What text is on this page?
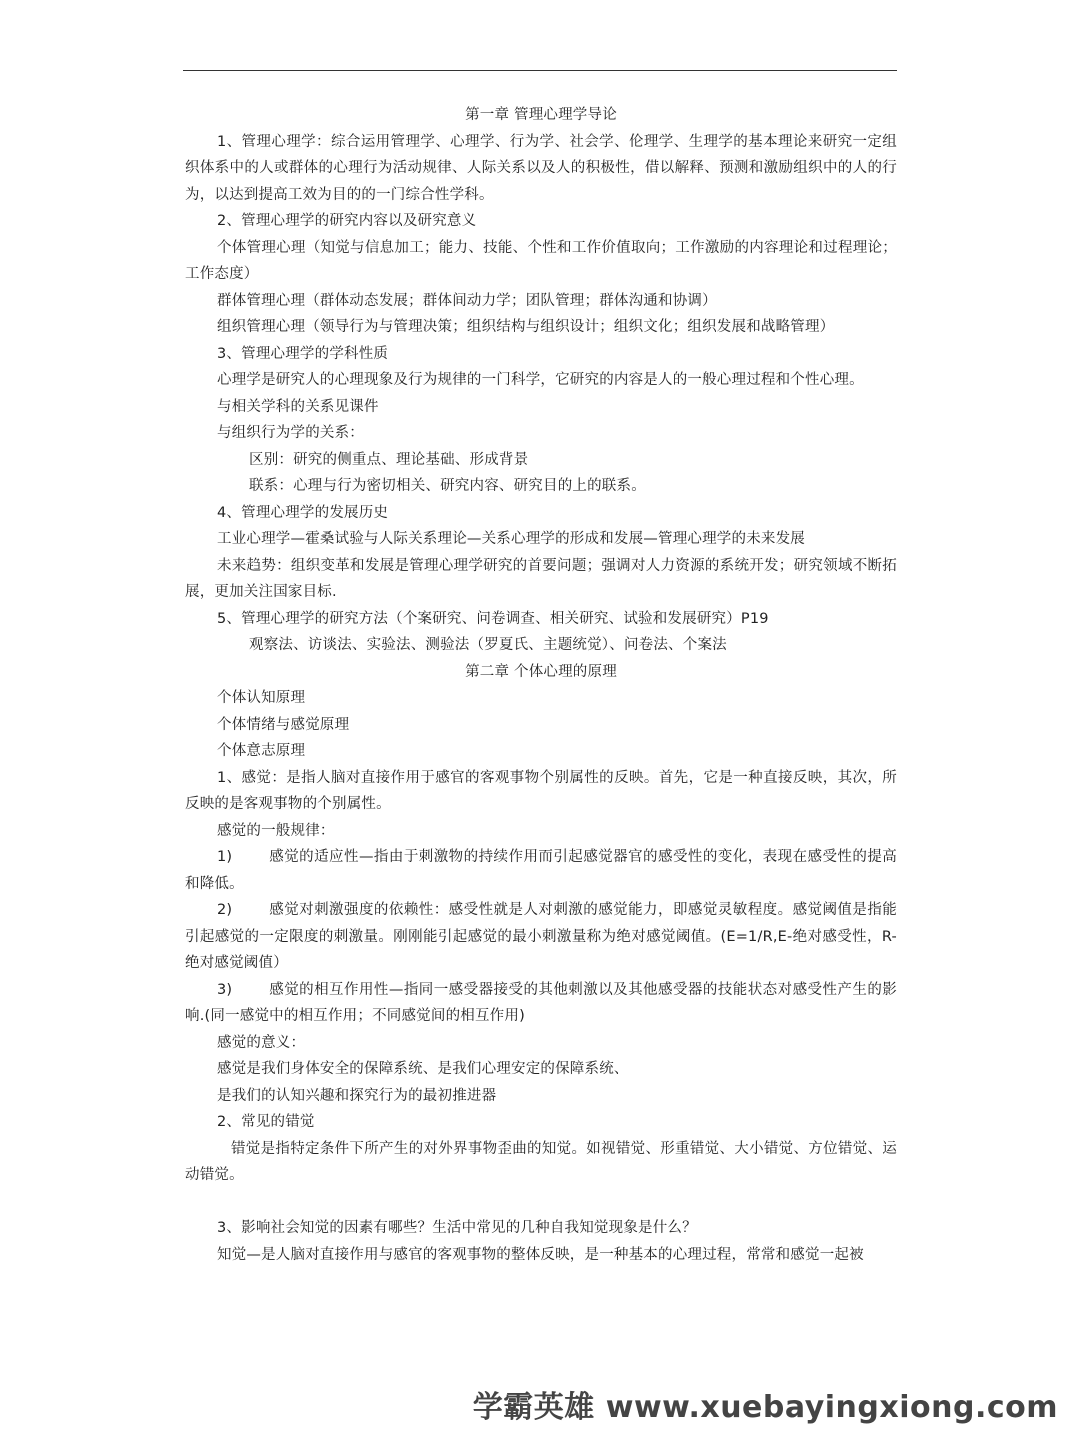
第一章 管理心理学导论

1、管理心理学：综合运用管理学、心理学、行为学、社会学、伦理学、生理学的基本理论来研究一定组织体系中的人或群体的心理行为活动规律、人际关系以及人的积极性，借以解释、预测和激励组织中的人的行为，以达到提高工效为目的的一门综合性学科。

2、管理心理学的研究内容以及研究意义

个体管理心理（知觉与信息加工；能力、技能、个性和工作价值取向；工作激励的内容理论和过程理论；工作态度）

群体管理心理（群体动态发展；群体间动力学；团队管理；群体沟通和协调）

组织管理心理（领导行为与管理决策；组织结构与组织设计；组织文化；组织发展和战略管理）

3、管理心理学的学科性质

心理学是研究人的心理现象及行为规律的一门科学，它研究的内容是人的一般心理过程和个性心理。

与相关学科的关系见课件

与组织行为学的关系：

区别：研究的侧重点、理论基础、形成背景

联系：心理与行为密切相关、研究内容、研究目的上的联系。

4、管理心理学的发展历史

工业心理学—霍桑试验与人际关系理论—关系心理学的形成和发展—管理心理学的未来发展

未来趋势：组织变革和发展是管理心理学研究的首要问题；强调对人力资源的系统开发；研究领域不断拓展，更加关注国家目标.

5、管理心理学的研究方法（个案研究、问卷调查、相关研究、试验和发展研究）P19

观察法、访谈法、实验法、测验法（罗夏氏、主题统觉）、问卷法、个案法

第二章 个体心理的原理

个体认知原理

个体情绪与感觉原理

个体意志原理

1、感觉：是指人脑对直接作用于感官的客观事物个别属性的反映。首先，它是一种直接反映，其次，所反映的是客观事物的个别属性。

感觉的一般规律：

1)	感觉的适应性—指由于刺激物的持续作用而引起感觉器官的感受性的变化，表现在感受性的提高和降低。

2)	感觉对刺激强度的依赖性：感受性就是人对刺激的感觉能力，即感觉灵敏程度。感觉阈值是指能引起感觉的一定限度的刺激量。刚刚能引起感觉的最小刺激量称为绝对感觉阈值。(E=1/R,E-绝对感受性，R-绝对感觉阈值）

3)	感觉的相互作用性—指同一感受器接受的其他刺激以及其他感受器的技能状态对感受性产生的影响.(同一感觉中的相互作用；不同感觉间的相互作用)

感觉的意义：

感觉是我们身体安全的保障系统、是我们心理安定的保障系统、

是我们的认知兴趣和探究行为的最初推进器

2、常见的错觉

错觉是指特定条件下所产生的对外界事物歪曲的知觉。如视错觉、形重错觉、大小错觉、方位错觉、运动错觉。

3、影响社会知觉的因素有哪些？生活中常见的几种自我知觉现象是什么？

知觉—是人脑对直接作用与感官的客观事物的整体反映，是一种基本的心理过程，常常和感觉一起被

学霸英雄 www.xuebayingxiong.com
